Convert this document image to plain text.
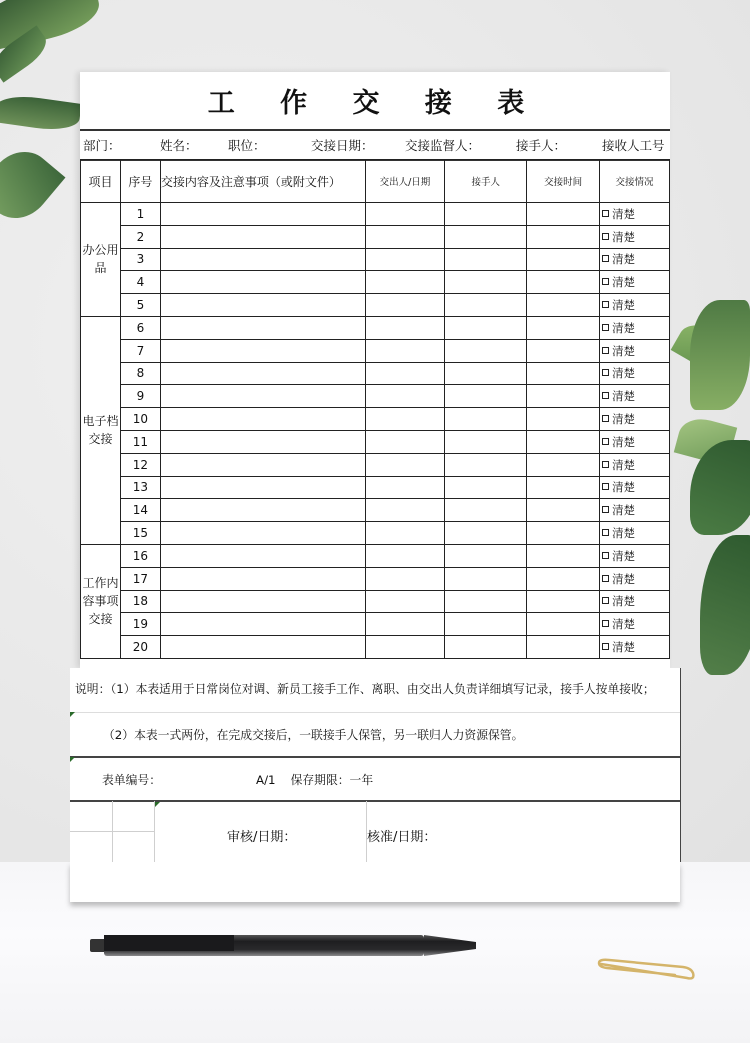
工 作 交 接 表
部门：	姓名： 职位：	交接日期：	交接监督人：	接手人：	接收人工号
项目	序号	交接内容及注意事项（或附文件）	交出人/日期	接手人	交接时间	交接情况
办公用品	1					清楚
	2					清楚
	3					清楚
	4					清楚
	5					清楚
电子档交接	6					清楚
	7					清楚
	8					清楚
	9					清楚
	10					清楚
	11					清楚
	12					清楚
	13					清楚
	14					清楚
	15					清楚
工作内容事项交接	16					清楚
	17					清楚
	18					清楚
	19					清楚
	20					清楚
说明：（1）本表适用于日常岗位对调、新员工接手工作、离职、由交出人负责详细填写记录，接手人按单接收；
（2）本表一式两份，在完成交接后，一联接手人保管，另一联归人力资源保管。
表单编号：	A/1 保存期限：一年
审核/日期：	核准/日期：
